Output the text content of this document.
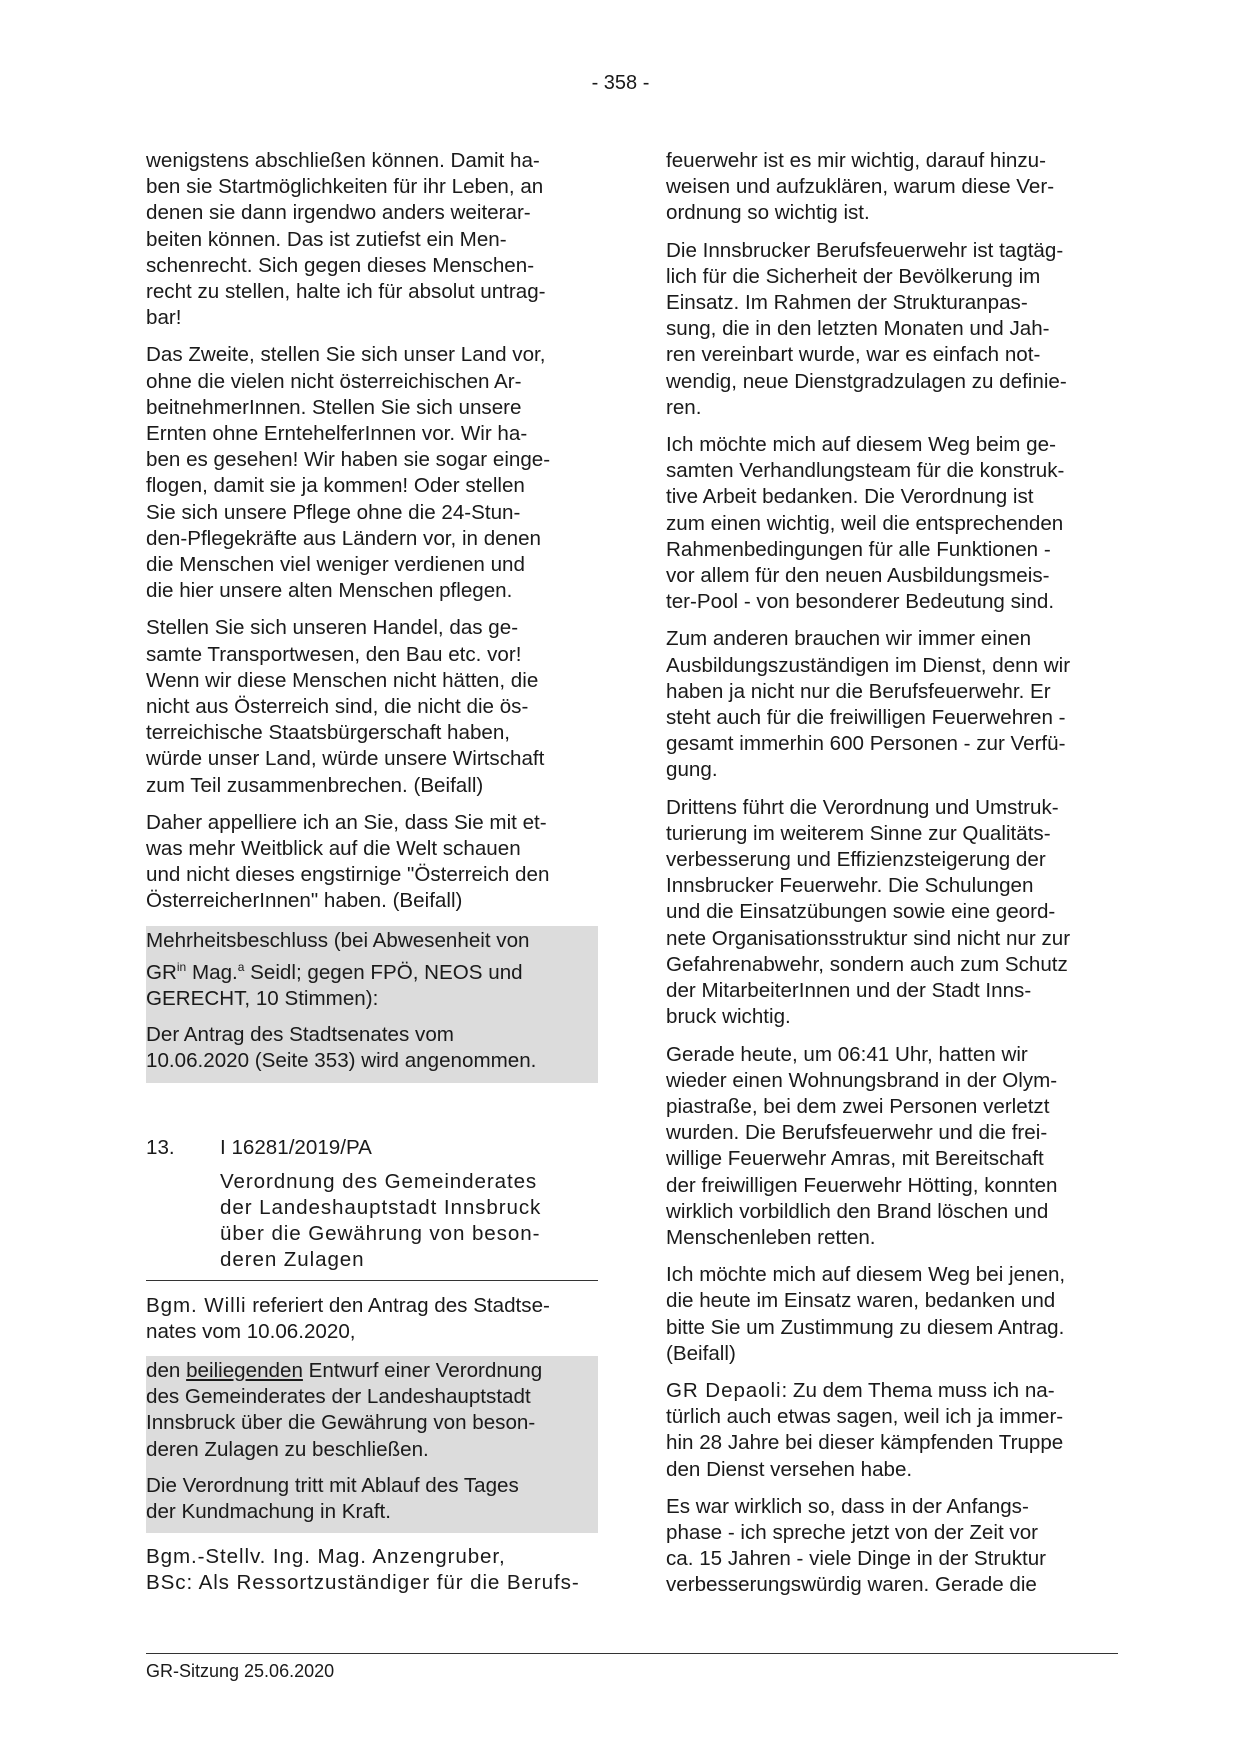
- 358 -

wenigstens abschließen können. Damit ha-
ben sie Startmöglichkeiten für ihr Leben, an
denen sie dann irgendwo anders weiterar-
beiten können. Das ist zutiefst ein Men-
schenrecht. Sich gegen dieses Menschen-
recht zu stellen, halte ich für absolut untrag-
bar!

Das Zweite, stellen Sie sich unser Land vor,
ohne die vielen nicht österreichischen Ar-
beitnehmerInnen. Stellen Sie sich unsere
Ernten ohne ErntehelferInnen vor. Wir ha-
ben es gesehen! Wir haben sie sogar einge-
flogen, damit sie ja kommen! Oder stellen
Sie sich unsere Pflege ohne die 24-Stun-
den-Pflegekräfte aus Ländern vor, in denen
die Menschen viel weniger verdienen und
die hier unsere alten Menschen pflegen.

Stellen Sie sich unseren Handel, das ge-
samte Transportwesen, den Bau etc. vor!
Wenn wir diese Menschen nicht hätten, die
nicht aus Österreich sind, die nicht die ös-
terreichische Staatsbürgerschaft haben,
würde unser Land, würde unsere Wirtschaft
zum Teil zusammenbrechen. (Beifall)

Daher appelliere ich an Sie, dass Sie mit et-
was mehr Weitblick auf die Welt schauen
und nicht dieses engstirnige "Österreich den
ÖsterreicherInnen" haben. (Beifall)

Mehrheitsbeschluss (bei Abwesenheit von
$GR^{in}$ Mag.$^a$ Seidl; gegen FPÖ, NEOS und
GERECHT, 10 Stimmen):

Der Antrag des Stadtsenates vom
10.06.2020 (Seite 353) wird angenommen.

13.	I 16281/2019/PA
Verordnung des Gemeinderates
der Landeshauptstadt Innsbruck
über die Gewährung von beson-
deren Zulagen

Bgm. Willi referiert den Antrag des Stadtse-
nates vom 10.06.2020,

den beiliegenden Entwurf einer Verordnung
des Gemeinderates der Landeshauptstadt
Innsbruck über die Gewährung von beson-
deren Zulagen zu beschließen.

Die Verordnung tritt mit Ablauf des Tages
der Kundmachung in Kraft.

Bgm.-Stellv. Ing. Mag. Anzengruber,
BSc: Als Ressortzuständiger für die Berufs-

feuerwehr ist es mir wichtig, darauf hinzu-
weisen und aufzuklären, warum diese Ver-
ordnung so wichtig ist.

Die Innsbrucker Berufsfeuerwehr ist tagtäg-
lich für die Sicherheit der Bevölkerung im
Einsatz. Im Rahmen der Strukturanpas-
sung, die in den letzten Monaten und Jah-
ren vereinbart wurde, war es einfach not-
wendig, neue Dienstgradzulagen zu definie-
ren.

Ich möchte mich auf diesem Weg beim ge-
samten Verhandlungsteam für die konstruk-
tive Arbeit bedanken. Die Verordnung ist
zum einen wichtig, weil die entsprechenden
Rahmenbedingungen für alle Funktionen -
vor allem für den neuen Ausbildungsmeis-
ter-Pool - von besonderer Bedeutung sind.

Zum anderen brauchen wir immer einen
Ausbildungszuständigen im Dienst, denn wir
haben ja nicht nur die Berufsfeuerwehr. Er
steht auch für die freiwilligen Feuerwehren -
gesamt immerhin 600 Personen - zur Verfü-
gung.

Drittens führt die Verordnung und Umstruk-
turierung im weiterem Sinne zur Qualitäts-
verbesserung und Effizienzsteigerung der
Innsbrucker Feuerwehr. Die Schulungen
und die Einsatzübungen sowie eine geord-
nete Organisationsstruktur sind nicht nur zur
Gefahrenabwehr, sondern auch zum Schutz
der MitarbeiterInnen und der Stadt Inns-
bruck wichtig.

Gerade heute, um 06:41 Uhr, hatten wir
wieder einen Wohnungsbrand in der Olym-
piastraße, bei dem zwei Personen verletzt
wurden. Die Berufsfeuerwehr und die frei-
willige Feuerwehr Amras, mit Bereitschaft
der freiwilligen Feuerwehr Hötting, konnten
wirklich vorbildlich den Brand löschen und
Menschenleben retten.

Ich möchte mich auf diesem Weg bei jenen,
die heute im Einsatz waren, bedanken und
bitte Sie um Zustimmung zu diesem Antrag.
(Beifall)

GR Depaoli: Zu dem Thema muss ich na-
türlich auch etwas sagen, weil ich ja immer-
hin 28 Jahre bei dieser kämpfenden Truppe
den Dienst versehen habe.

Es war wirklich so, dass in der Anfangs-
phase - ich spreche jetzt von der Zeit vor
ca. 15 Jahren - viele Dinge in der Struktur
verbesserungswürdig waren. Gerade die

GR-Sitzung 25.06.2020
